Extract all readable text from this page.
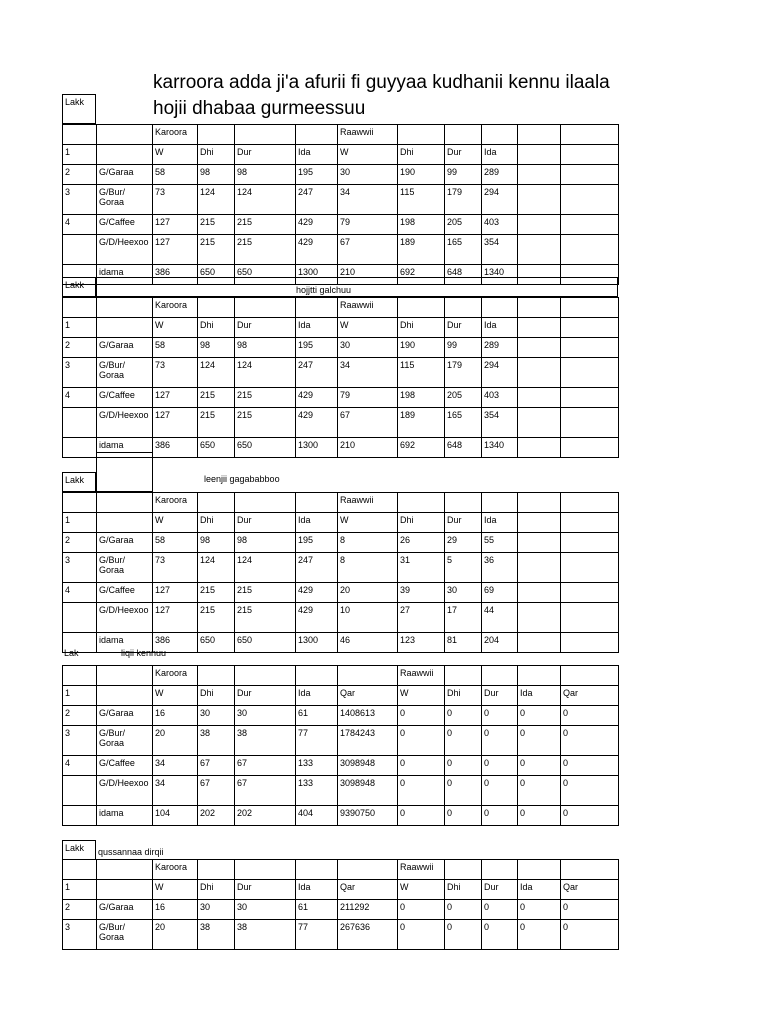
karroora adda ji'a afurii fi guyyaa kudhanii kennu ilaala
hojii dhabaa gurmeessuu
Lakk
Lakk	hojjtti galchuu
Lakk	leenjii gagababboo
Lak	liqii kennuu
Lakk	qussannaa dirqii
Karoora	Raawwii
1	W	Dhi	Dur	Ida	W	Dhi	Dur	Ida
2	G/Garaa	58	98	98	195	30	190	99	289
3	G/Bur/
Goraa
73	124	124	247	34	115	179	294
4	G/Caffee	127	215	215	429	79	198	205	403
G/D/Heexoo 127	215	215	429	67	189	165	354
idama	386	650	650	1300	210	692	648	1340
Karoora	Raawwii
1	W	Dhi	Dur	Ida	W	Dhi	Dur	Ida
2	G/Garaa	58	98	98	195	30	190	99	289
3	G/Bur/
Goraa
73	124	124	247	34	115	179	294
4	G/Caffee	127	215	215	429	79	198	205	403
G/D/Heexoo 127	215	215	429	67	189	165	354
idama	386	650	650	1300	210	692	648	1340
Karoora	Raawwii
1	W	Dhi	Dur	Ida	W	Dhi	Dur	Ida
2	G/Garaa	58	98	98	195	8	26	29	55
3	G/Bur/
Goraa
73	124	124	247	8	31	5	36
4	G/Caffee	127	215	215	429	20	39	30	69
G/D/Heexoo 127	215	215	429	10	27	17	44
idama	386	650	650	1300	46	123	81	204
Karoora	Raawwii
1	W	Dhi	Dur	Ida	Qar	W	Dhi	Dur	Ida	Qar
2	G/Garaa	16	30	30	61	1408613	0	0	0	0	0
3	G/Bur/
Goraa
20	38	38	77	1784243	0	0	0	0	0
4	G/Caffee	34	67	67	133	3098948	0	0	0	0	0
G/D/Heexoo 34	67	67	133	3098948	0	0	0	0	0
idama	104	202	202	404	9390750	0	0	0	0	0
Karoora	Raawwii
1	W	Dhi	Dur	Ida	Qar	W	Dhi	Dur	Ida	Qar
2	G/Garaa	16	30	30	61	211292	0	0	0	0	0
3	G/Bur/
Goraa
20	38	38	77	267636	0	0	0	0	0
